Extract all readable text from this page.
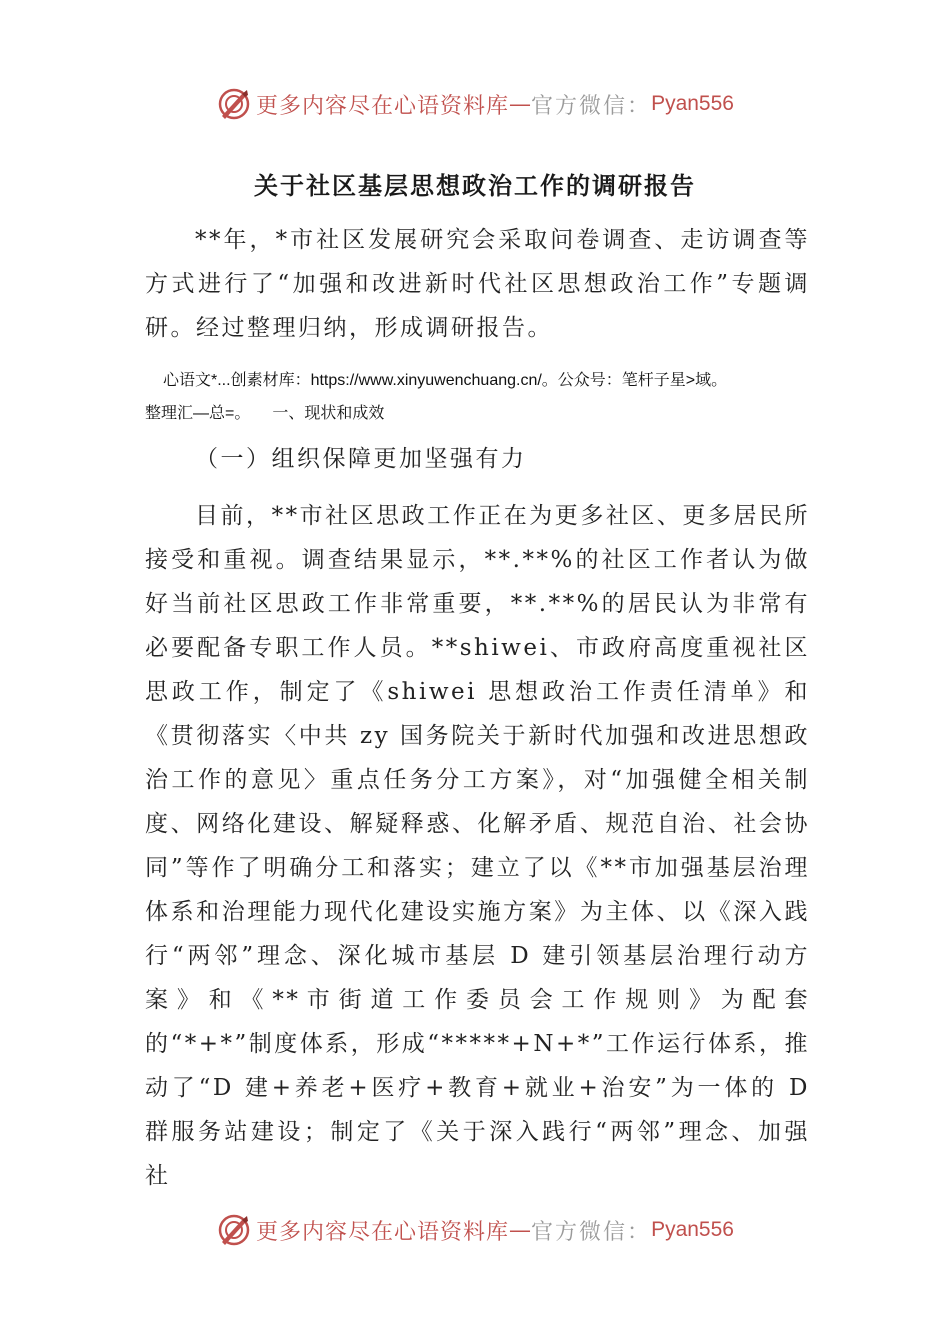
更多内容尽在心语资料库 — 官方微信： Pyan556
关于社区基层思想政治工作的调研报告
**年，*市社区发展研究会采取问卷调查、走访调查等方式进行了“加强和改进新时代社区思想政治工作”专题调研。经过整理归纳，形成调研报告。
心语文*...创素材库：https://www.xinyuwenchuang.cn/。公众号：笔杆子星>域。
整理汇—总=。 一、现状和成效
（一）组织保障更加坚强有力
目前，**市社区思政工作正在为更多社区、更多居民所接受和重视。调查结果显示，**.**%的社区工作者认为做好当前社区思政工作非常重要，**.**%的居民认为非常有必要配备专职工作人员。**shiwei、市政府高度重视社区思政工作，制定了《shiwei 思想政治工作责任清单》和《贯彻落实〈中共 zy 国务院关于新时代加强和改进思想政治工作的意见〉重点任务分工方案》，对“加强健全相关制度、网络化建设、解疑释惑、化解矛盾、规范自治、社会协同”等作了明确分工和落实；建立了以《**市加强基层治理体系和治理能力现代化建设实施方案》为主体、以《深入践行“两邻”理念、深化城市基层 D 建引领基层治理行动方案》和《**市街道工作委员会工作规则》为配套的“*+*”制度体系，形成“*****+N+*”工作运行体系，推动了“D 建+养老+医疗+教育+就业+治安”为一体的 D 群服务站建设；制定了《关于深入践行“两邻”理念、加强社
更多内容尽在心语资料库 — 官方微信： Pyan556
